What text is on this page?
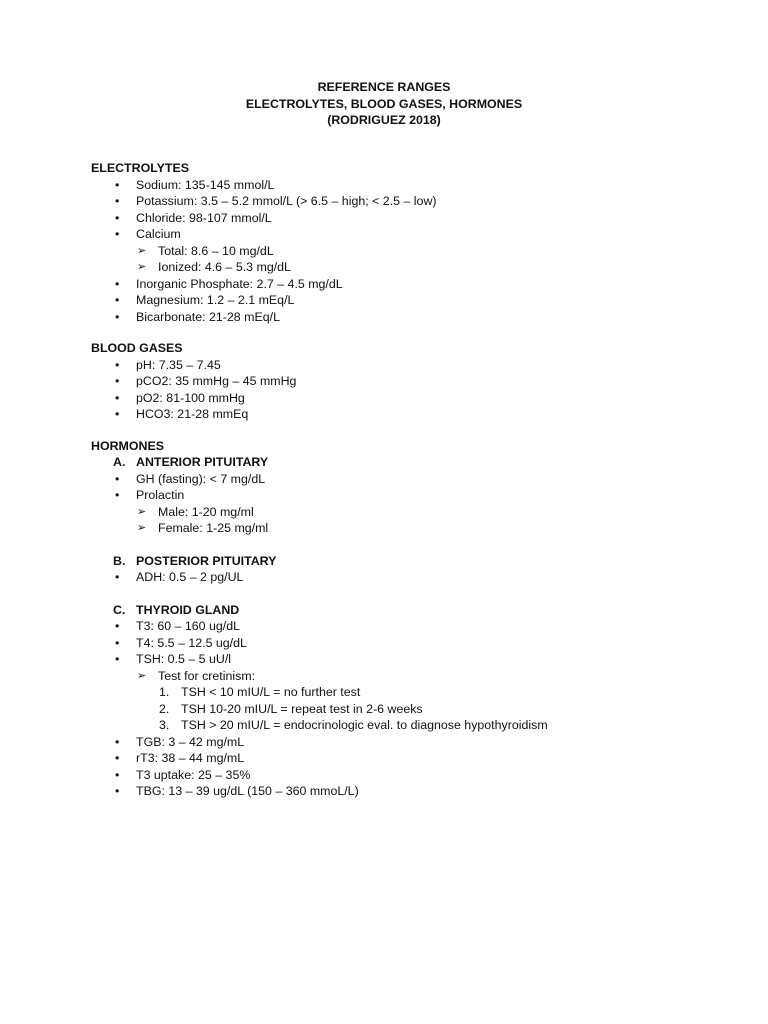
REFERENCE RANGES
ELECTROLYTES, BLOOD GASES, HORMONES
(RODRIGUEZ 2018)
ELECTROLYTES
• Sodium: 135-145 mmol/L
• Potassium: 3.5 – 5.2 mmol/L (> 6.5 – high; < 2.5 – low)
• Chloride: 98-107 mmol/L
• Calcium
➢ Total: 8.6 – 10 mg/dL
➢ Ionized: 4.6 – 5.3 mg/dL
• Inorganic Phosphate: 2.7 – 4.5 mg/dL
• Magnesium: 1.2 – 2.1 mEq/L
• Bicarbonate: 21-28 mEq/L
BLOOD GASES
• pH: 7.35 – 7.45
• pCO2: 35 mmHg – 45 mmHg
• pO2: 81-100 mmHg
• HCO3: 21-28 mmEq
HORMONES
A. ANTERIOR PITUITARY
• GH (fasting): < 7 mg/dL
• Prolactin
➢ Male: 1-20 mg/ml
➢ Female: 1-25 mg/ml
B. POSTERIOR PITUITARY
• ADH: 0.5 – 2 pg/UL
C. THYROID GLAND
• T3: 60 – 160 ug/dL
• T4: 5.5 – 12.5 ug/dL
• TSH: 0.5 – 5 uU/l
➢ Test for cretinism:
1. TSH < 10 mIU/L = no further test
2. TSH 10-20 mIU/L = repeat test in 2-6 weeks
3. TSH > 20 mIU/L = endocrinologic eval. to diagnose hypothyroidism
• TGB: 3 – 42 mg/mL
• rT3: 38 – 44 mg/mL
• T3 uptake: 25 – 35%
• TBG: 13 – 39 ug/dL (150 – 360 mmoL/L)
